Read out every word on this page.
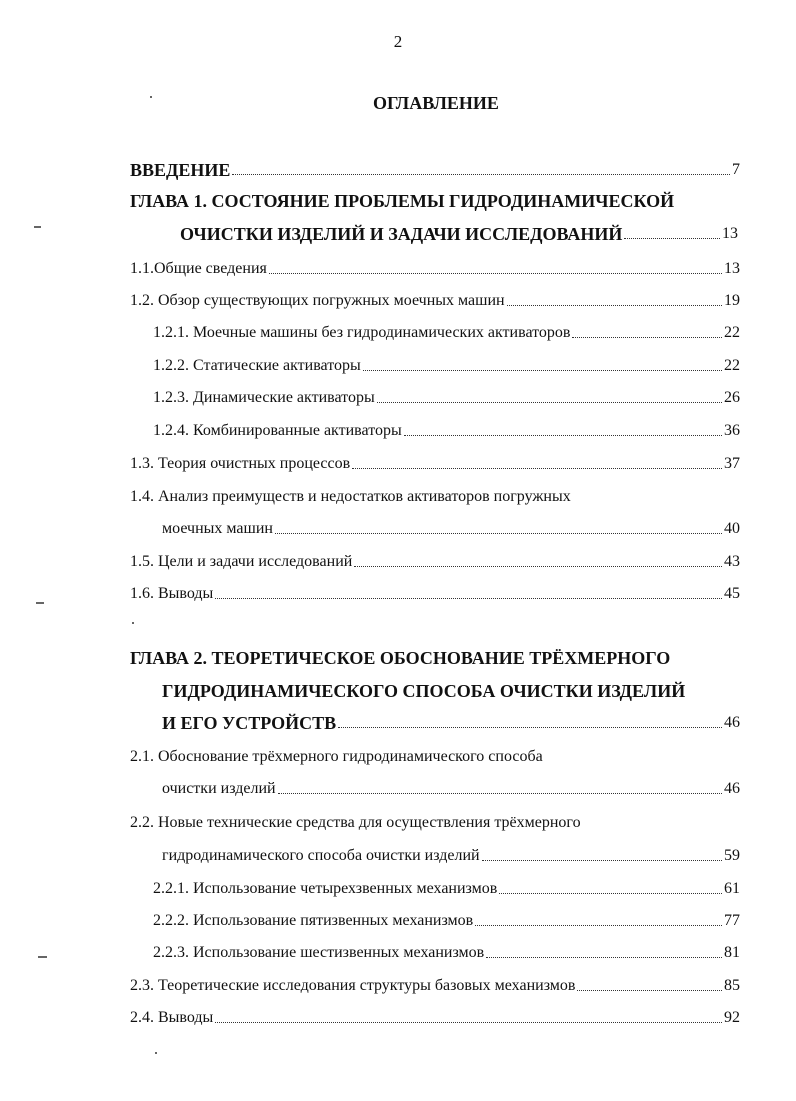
2
ОГЛАВЛЕНИЕ
ВВЕДЕНИЕ	7
ГЛАВА 1. СОСТОЯНИЕ ПРОБЛЕМЫ ГИДРОДИНАМИЧЕСКОЙ
ОЧИСТКИ ИЗДЕЛИЙ И ЗАДАЧИ ИССЛЕДОВАНИЙ	13
1.1.Общие сведения	13
1.2. Обзор существующих погружных моечных машин	19
1.2.1. Моечные машины без гидродинамических активаторов	22
1.2.2. Статические активаторы	22
1.2.3. Динамические активаторы	26
1.2.4. Комбинированные активаторы	36
1.3. Теория очистных процессов	37
1.4. Анализ преимуществ и недостатков активаторов погружных
моечных машин	40
1.5. Цели и задачи исследований	43
1.6. Выводы	45
ГЛАВА 2. ТЕОРЕТИЧЕСКОЕ ОБОСНОВАНИЕ ТРЁХМЕРНОГО
ГИДРОДИНАМИЧЕСКОГО СПОСОБА ОЧИСТКИ ИЗДЕЛИЙ
И ЕГО УСТРОЙСТВ	46
2.1. Обоснование трёхмерного гидродинамического способа
очистки изделий	46
2.2. Новые технические средства для осуществления трёхмерного
гидродинамического способа очистки изделий	59
2.2.1. Использование четырехзвенных механизмов	61
2.2.2. Использование пятизвенных механизмов	77
2.2.3. Использование шестизвенных механизмов	81
2.3. Теоретические исследования структуры базовых механизмов	85
2.4. Выводы	92
